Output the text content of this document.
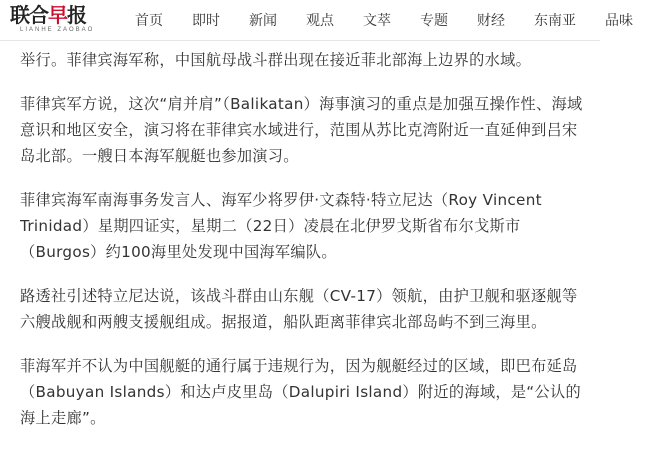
联合早报
LIANHE ZAOBAO
首页 即时 新闻 观点 文萃 专题 财经 东南亚 品味

举行。菲律宾海军称，中国航母战斗群出现在接近菲北部海上边界的水域。

菲律宾军方说，这次“肩并肩”（Balikatan）海事演习的重点是加强互操作性、海域意识和地区安全，演习将在菲律宾水域进行，范围从苏比克湾附近一直延伸到吕宋岛北部。一艘日本海军舰艇也参加演习。

菲律宾海军南海事务发言人、海军少将罗伊·文森特·特立尼达（Roy Vincent Trinidad）星期四证实，星期二（22日）凌晨在北伊罗戈斯省布尔戈斯市（Burgos）约100海里处发现中国海军编队。

路透社引述特立尼达说，该战斗群由山东舰（CV-17）领航，由护卫舰和驱逐舰等六艘战舰和两艘支援舰组成。据报道，船队距离菲律宾北部岛屿不到三海里。

菲海军并不认为中国舰艇的通行属于违规行为，因为舰艇经过的区域，即巴布延岛（Babuyan Islands）和达卢皮里岛（Dalupiri Island）附近的海域，是“公认的海上走廊”。
